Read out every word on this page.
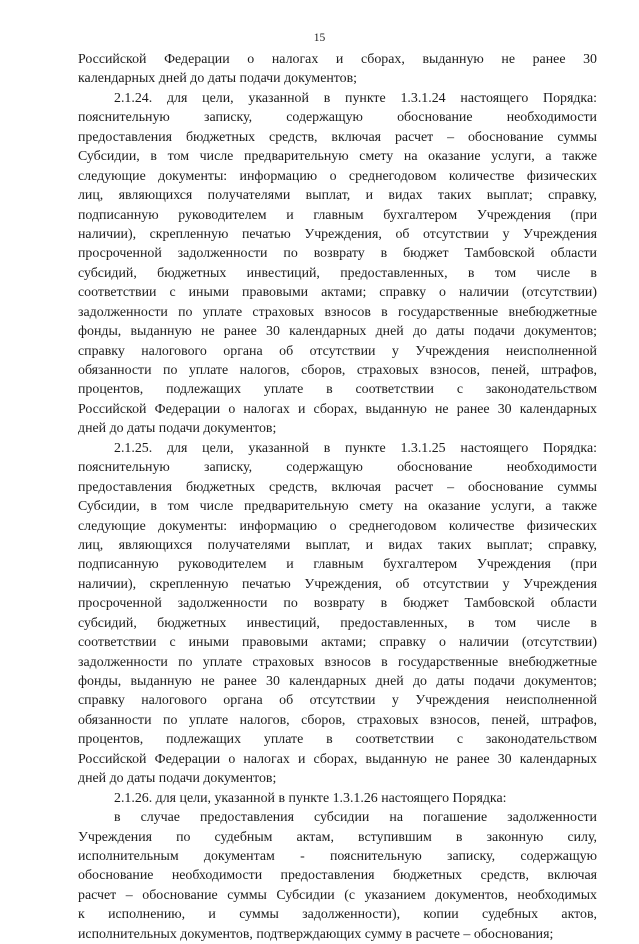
15
Российской Федерации о налогах и сборах, выданную не ранее 30
календарных дней до даты подачи документов;
2.1.24. для цели, указанной в пункте 1.3.1.24 настоящего Порядка:
пояснительную записку, содержащую обоснование необходимости
предоставления бюджетных средств, включая расчет – обоснование суммы
Субсидии, в том числе предварительную смету на оказание услуги, а также
следующие документы: информацию о среднегодовом количестве физических
лиц, являющихся получателями выплат, и видах таких выплат; справку,
подписанную руководителем и главным бухгалтером Учреждения (при
наличии), скрепленную печатью Учреждения, об отсутствии у Учреждения
просроченной задолженности по возврату в бюджет Тамбовской области
субсидий, бюджетных инвестиций, предоставленных, в том числе в
соответствии с иными правовыми актами; справку о наличии (отсутствии)
задолженности по уплате страховых взносов в государственные внебюджетные
фонды, выданную не ранее 30 календарных дней до даты подачи документов;
справку налогового органа об отсутствии у Учреждения неисполненной
обязанности по уплате налогов, сборов, страховых взносов, пеней, штрафов,
процентов, подлежащих уплате в соответствии с законодательством
Российской Федерации о налогах и сборах, выданную не ранее 30 календарных
дней до даты подачи документов;
2.1.25. для цели, указанной в пункте 1.3.1.25 настоящего Порядка:
пояснительную записку, содержащую обоснование необходимости
предоставления бюджетных средств, включая расчет – обоснование суммы
Субсидии, в том числе предварительную смету на оказание услуги, а также
следующие документы: информацию о среднегодовом количестве физических
лиц, являющихся получателями выплат, и видах таких выплат; справку,
подписанную руководителем и главным бухгалтером Учреждения (при
наличии), скрепленную печатью Учреждения, об отсутствии у Учреждения
просроченной задолженности по возврату в бюджет Тамбовской области
субсидий, бюджетных инвестиций, предоставленных, в том числе в
соответствии с иными правовыми актами; справку о наличии (отсутствии)
задолженности по уплате страховых взносов в государственные внебюджетные
фонды, выданную не ранее 30 календарных дней до даты подачи документов;
справку налогового органа об отсутствии у Учреждения неисполненной
обязанности по уплате налогов, сборов, страховых взносов, пеней, штрафов,
процентов, подлежащих уплате в соответствии с законодательством
Российской Федерации о налогах и сборах, выданную не ранее 30 календарных
дней до даты подачи документов;
2.1.26. для цели, указанной в пункте 1.3.1.26 настоящего Порядка:
в случае предоставления субсидии на погашение задолженности
Учреждения по судебным актам, вступившим в законную силу,
исполнительным документам - пояснительную записку, содержащую
обоснование необходимости предоставления бюджетных средств, включая
расчет – обоснование суммы Субсидии (с указанием документов, необходимых
к исполнению, и суммы задолженности), копии судебных актов,
исполнительных документов, подтверждающих сумму в расчете – обоснования;
